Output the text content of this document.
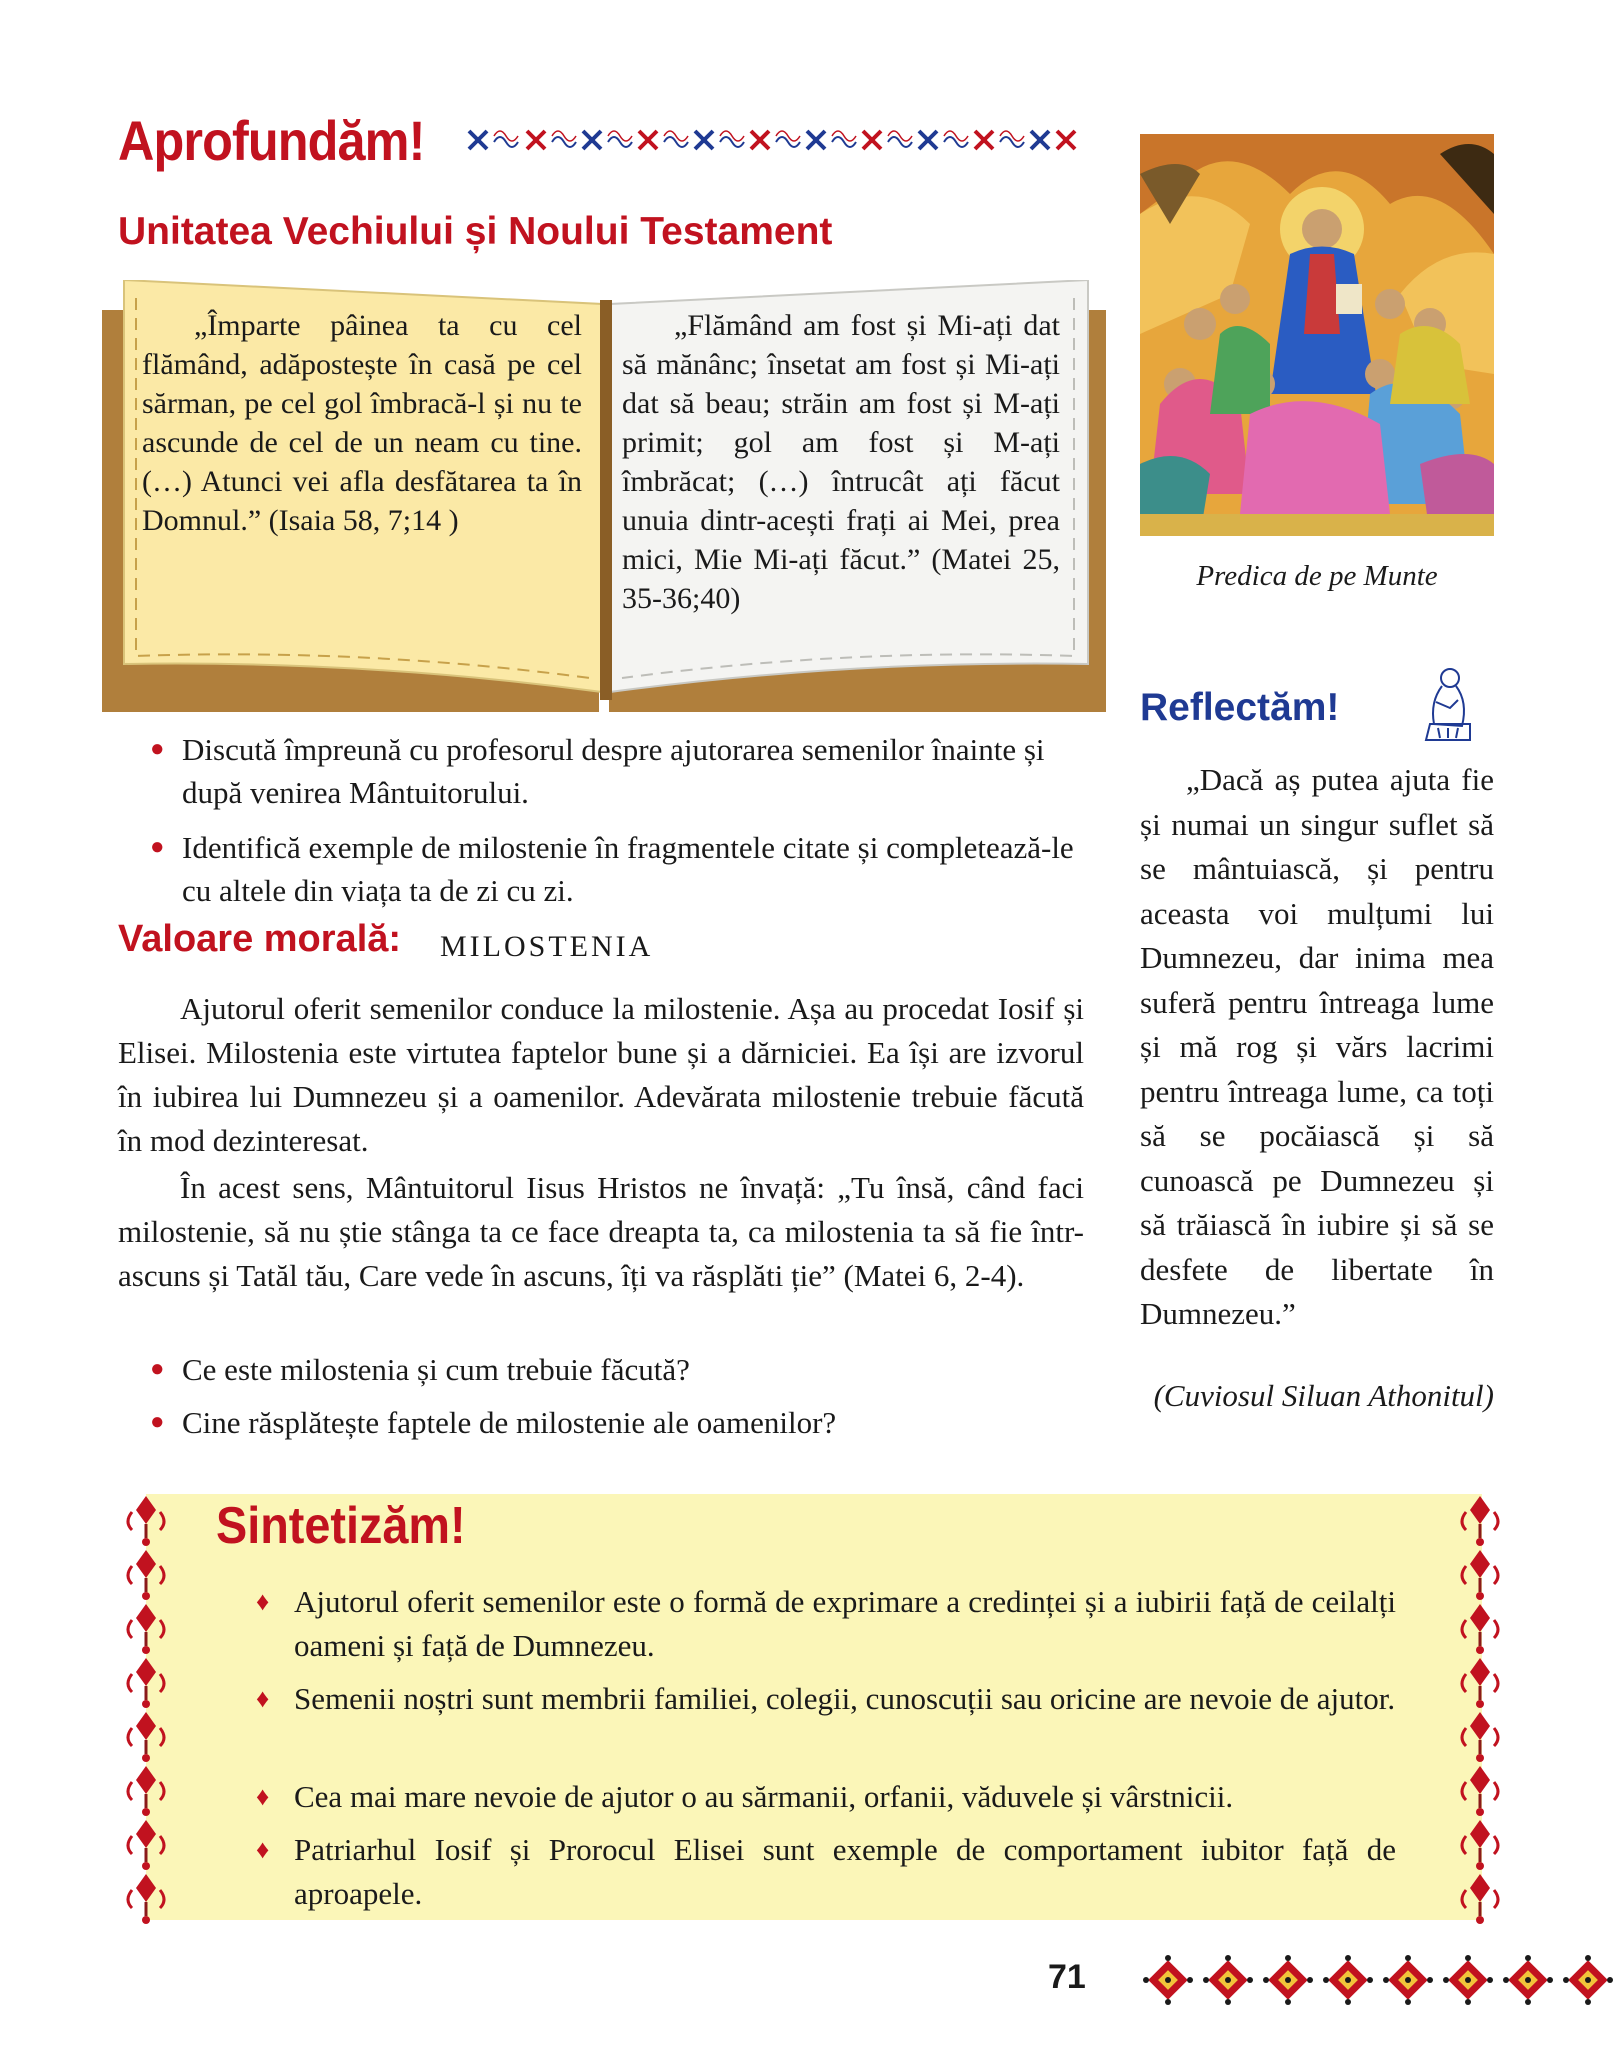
Aprofundăm!
Unitatea Vechiului și Noului Testament

„Împarte pâinea ta cu cel flămând, adăpostește în casă pe cel sărman, pe cel gol îmbracă-l și nu te ascunde de cel de un neam cu tine. (…) Atunci vei afla desfătarea ta în Domnul.” (Isaia 58, 7;14 )

„Flămând am fost și Mi-ați dat să mănânc; însetat am fost și Mi-ați dat să beau; străin am fost și M-ați primit; gol am fost și M-ați îmbrăcat; (…) întrucât ați făcut unuia dintr-acești frați ai Mei, prea mici, Mie Mi-ați făcut.” (Matei 25, 35-36;40)

● Discută împreună cu profesorul despre ajutorarea semenilor înainte și după venirea Mântuitorului.
● Identifică exemple de milostenie în fragmentele citate și completează-le cu altele din viața ta de zi cu zi.
Valoare morală: MILOSTENIA

Ajutorul oferit semenilor conduce la milostenie. Așa au procedat Iosif și Elisei. Milostenia este virtutea faptelor bune și a dărniciei. Ea își are izvorul în iubirea lui Dumnezeu și a oamenilor. Adevărata milostenie trebuie făcută în mod dezinteresat.

În acest sens, Mântuitorul Iisus Hristos ne învață: „Tu însă, când faci milostenie, să nu știe stânga ta ce face dreapta ta, ca milostenia ta să fie într-ascuns și Tatăl tău, Care vede în ascuns, îți va răsplăti ție” (Matei 6, 2-4).

● Ce este milostenia și cum trebuie făcută?
● Cine răsplătește faptele de milostenie ale oamenilor?
Predica de pe Munte
Reflectăm!

„Dacă aș putea ajuta fie și numai un singur suflet să se mântuiască, și pentru aceasta voi mulțumi lui Dumnezeu, dar inima mea suferă pentru întreaga lume și mă rog și vărs lacrimi pentru întreaga lume, ca toți să se pocăiască și să cunoască pe Dumnezeu și să trăiască în iubire și să se desfete de libertate în Dumnezeu.”

(Cuviosul Siluan Athonitul)
Sintetizăm!
♦ Ajutorul oferit semenilor este o formă de exprimare a credinței și a iubirii față de ceilalți oameni și față de Dumnezeu.
♦ Semenii noștri sunt membrii familiei, colegii, cunoscuții sau oricine are nevoie de ajutor.
♦ Cea mai mare nevoie de ajutor o au sărmanii, orfanii, văduvele și vârstnicii.
♦ Patriarhul Iosif și Prorocul Elisei sunt exemple de comportament iubitor față de aproapele.
71
